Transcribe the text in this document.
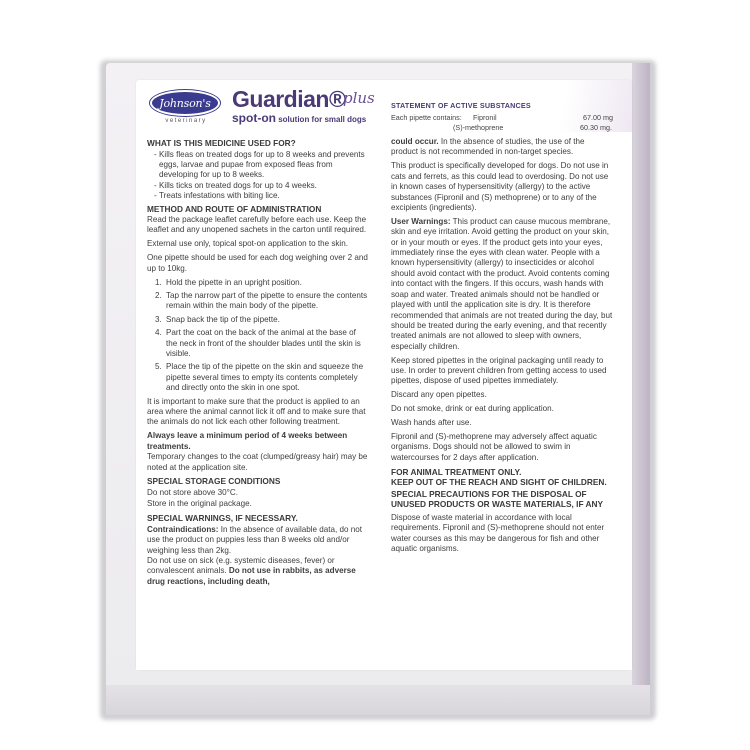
Johnson's
veterinary
Guardian®
plus
spot-on solution for small dogs
STATEMENT OF ACTIVE SUBSTANCES
Each pipette contains: Fipronil	67.00 mg
(S)-methoprene	60.30 mg.
WHAT IS THIS MEDICINE USED FOR?
- Kills fleas on treated dogs for up to 8 weeks and prevents eggs, larvae and pupae from exposed fleas from developing for up to 8 weeks.
- Kills ticks on treated dogs for up to 4 weeks.
- Treats infestations with biting lice.
METHOD AND ROUTE OF ADMINISTRATION

Read the package leaflet carefully before each use. Keep the leaflet and any unopened sachets in the carton until required.

External use only, topical spot-on application to the skin.

One pipette should be used for each dog weighing over 2 and up to 10kg.

1. Hold the pipette in an upright position.
2. Tap the narrow part of the pipette to ensure the contents remain within the main body of the pipette.
3. Snap back the tip of the pipette.
4. Part the coat on the back of the animal at the base of the neck in front of the shoulder blades until the skin is visible.
5. Place the tip of the pipette on the skin and squeeze the pipette several times to empty its contents completely and directly onto the skin in one spot.

It is important to make sure that the product is applied to an area where the animal cannot lick it off and to make sure that the animals do not lick each other following treatment.

Always leave a minimum period of 4 weeks between treatments.

Temporary changes to the coat (clumped/greasy hair) may be noted at the application site.

SPECIAL STORAGE CONDITIONS

Do not store above 30°C.

Store in the original package.

SPECIAL WARNINGS, IF NECESSARY.

Contraindications: In the absence of available data, do not use the product on puppies less than 8 weeks old and/or weighing less than 2kg.

Do not use on sick (e.g. systemic diseases, fever) or convalescent animals. Do not use in rabbits, as adverse drug reactions, including death,

could occur. In the absence of studies, the use of the product is not recommended in non-target species.

This product is specifically developed for dogs. Do not use in cats and ferrets, as this could lead to overdosing. Do not use in known cases of hypersensitivity (allergy) to the active substances (Fipronil and (S) methoprene) or to any of the excipients (ingredients).

User Warnings: This product can cause mucous membrane, skin and eye irritation. Avoid getting the product on your skin, or in your mouth or eyes. If the product gets into your eyes, immediately rinse the eyes with clean water. People with a known hypersensitivity (allergy) to insecticides or alcohol should avoid contact with the product. Avoid contents coming into contact with the fingers. If this occurs, wash hands with soap and water. Treated animals should not be handled or played with until the application site is dry. It is therefore recommended that animals are not treated during the day, but should be treated during the early evening, and that recently treated animals are not allowed to sleep with owners, especially children.

Keep stored pipettes in the original packaging until ready to use. In order to prevent children from getting access to used pipettes, dispose of used pipettes immediately.

Discard any open pipettes.

Do not smoke, drink or eat during application.

Wash hands after use.

Fipronil and (S)-methoprene may adversely affect aquatic organisms. Dogs should not be allowed to swim in watercourses for 2 days after application.

FOR ANIMAL TREATMENT ONLY.
KEEP OUT OF THE REACH AND SIGHT OF CHILDREN.
SPECIAL PRECAUTIONS FOR THE DISPOSAL OF UNUSED PRODUCTS OR WASTE MATERIALS, IF ANY

Dispose of waste material in accordance with local requirements. Fipronil and (S)-methoprene should not enter water courses as this may be dangerous for fish and other aquatic organisms.
